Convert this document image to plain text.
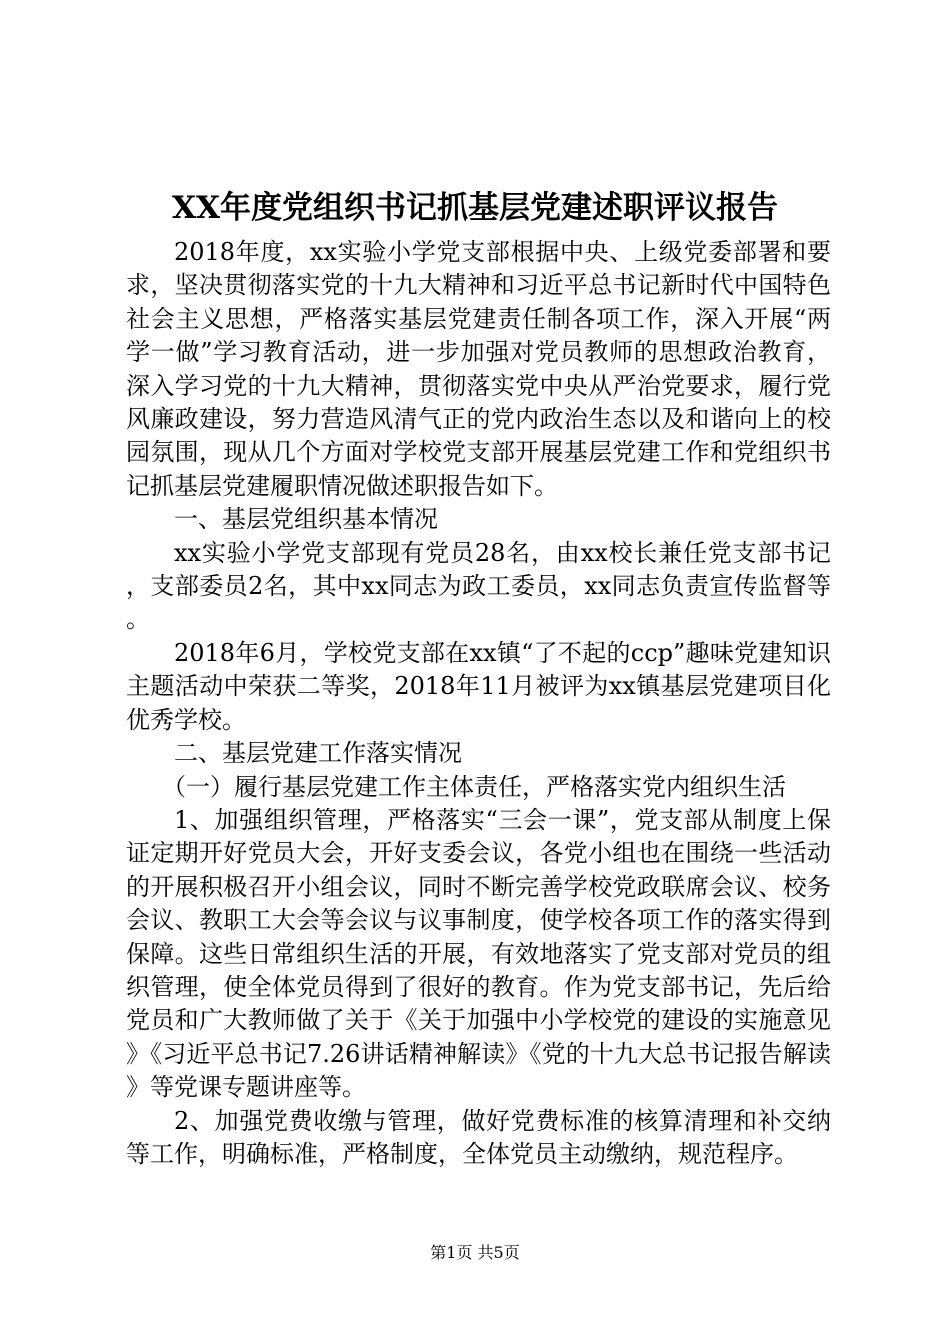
XX年度党组织书记抓基层党建述职评议报告

2018年度，xx实验小学党支部根据中央、上级党委部署和要求，坚决贯彻落实党的十九大精神和习近平总书记新时代中国特色社会主义思想，严格落实基层党建责任制各项工作，深入开展“两学一做”学习教育活动，进一步加强对党员教师的思想政治教育，深入学习党的十九大精神，贯彻落实党中央从严治党要求，履行党风廉政建设，努力营造风清气正的党内政治生态以及和谐向上的校园氛围，现从几个方面对学校党支部开展基层党建工作和党组织书记抓基层党建履职情况做述职报告如下。

一、基层党组织基本情况

xx实验小学党支部现有党员28名，由xx校长兼任党支部书记，支部委员2名，其中xx同志为政工委员，xx同志负责宣传监督等。

2018年6月，学校党支部在xx镇“了不起的ccp”趣味党建知识主题活动中荣获二等奖，2018年11月被评为xx镇基层党建项目化优秀学校。

二、基层党建工作落实情况

（一）履行基层党建工作主体责任，严格落实党内组织生活

1、加强组织管理，严格落实“三会一课”，党支部从制度上保证定期开好党员大会，开好支委会议，各党小组也在围绕一些活动的开展积极召开小组会议，同时不断完善学校党政联席会议、校务会议、教职工大会等会议与议事制度，使学校各项工作的落实得到保障。这些日常组织生活的开展，有效地落实了党支部对党员的组织管理，使全体党员得到了很好的教育。作为党支部书记，先后给党员和广大教师做了关于《关于加强中小学校党的建设的实施意见》《习近平总书记7.26讲话精神解读》《党的十九大总书记报告解读》等党课专题讲座等。

2、加强党费收缴与管理，做好党费标准的核算清理和补交纳等工作，明确标准，严格制度，全体党员主动缴纳，规范程序。

第1页 共5页
